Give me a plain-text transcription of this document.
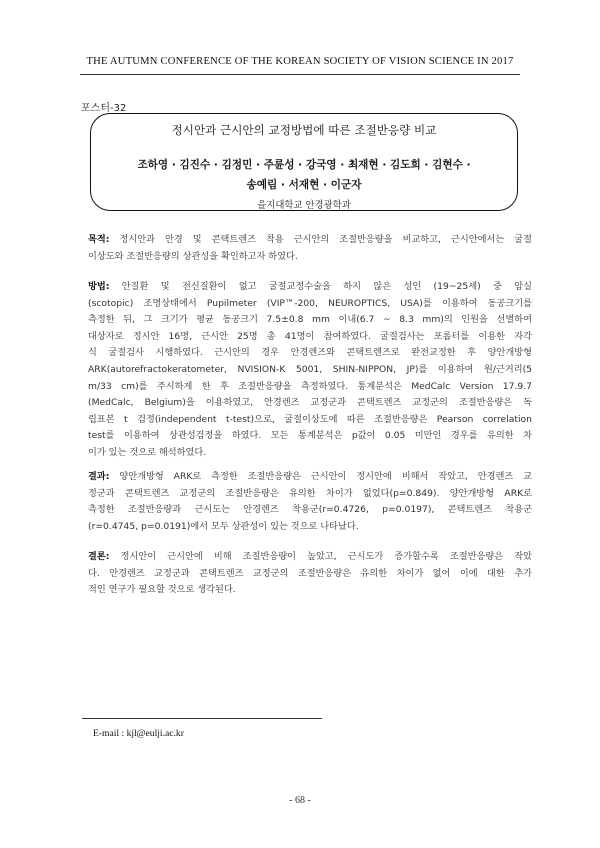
THE AUTUMN CONFERENCE OF THE KOREAN SOCIETY OF VISION SCIENCE IN 2017
포스터-32
정시안과 근시안의 교정방법에 따른 조절반응량 비교
조하영 · 김진수 · 김정민 · 주륜성 · 강국영 · 최재현 · 김도희 · 김현수 ·
송예림 · 서재현 · 이군자
을지대학교 안경광학과
목적: 정시안과 안경 및 콘택트렌즈 착용 근시안의 조절반응량을 비교하고, 근시안에서는 굴절
이상도와 조절반응량의 상관성을 확인하고자 하였다.
방법: 안질환 및 전신질환이 없고 굴절교정수술을 하지 않은 성인 (19~25세) 중 암실
(scotopic) 조명상태에서 Pupilmeter (VIP™-200, NEUROPTICS, USA)를 이용하여 동공크기를
측정한 뒤, 그 크기가 평균 동공크기 7.5±0.8 mm 이내(6.7 ~ 8.3 mm)의 인원을 선별하여
대상자로 정시안 16명, 근시안 25명 총 41명이 참여하였다. 굴절검사는 포롭터를 이용한 자각
식 굴절검사 시행하였다. 근시안의 경우 안경렌즈와 콘택트렌즈로 완전교정한 후 양안개방형
ARK(autorefractokeratometer, NVISION-K 5001, SHIN-NIPPON, JP)를 이용하여 원/근거리(5
m/33 cm)를 주시하게 한 후 조절반응량을 측정하였다. 통계분석은 MedCalc Version 17.9.7
(MedCalc, Belgium)을 이용하였고, 안경렌즈 교정군과 콘택트렌즈 교정군의 조절반응량은 독
립표본 t 검정(independent t-test)으로, 굴절이상도에 따른 조절반응량은 Pearson correlation
test를 이용하여 상관성검정을 하였다. 모든 통계분석은 p값이 0.05 미만인 경우를 유의한 차
이가 있는 것으로 해석하였다.
결과: 양안개방형 ARK로 측정한 조절반응량은 근시안이 정시안에 비해서 작았고, 안경렌즈 교
정군과 콘택트렌즈 교정군의 조절반응량은 유의한 차이가 없었다(p=0.849). 양안개방형 ARK로
측정한 조절반응량과 근시도는 안경렌즈 착용군(r=0.4726, p=0.0197), 콘택트렌즈 착용군
(r=0.4745, p=0.0191)에서 모두 상관성이 있는 것으로 나타났다.
결론: 정시안이 근시안에 비해 조절반응량이 높았고, 근시도가 증가할수록 조절반응량은 작았
다. 안경렌즈 교정군과 콘택트렌즈 교정군의 조절반응량은 유의한 차이가 없어 이에 대한 추가
적인 연구가 필요할 것으로 생각된다.
E-mail : kjl@eulji.ac.kr
- 68 -
